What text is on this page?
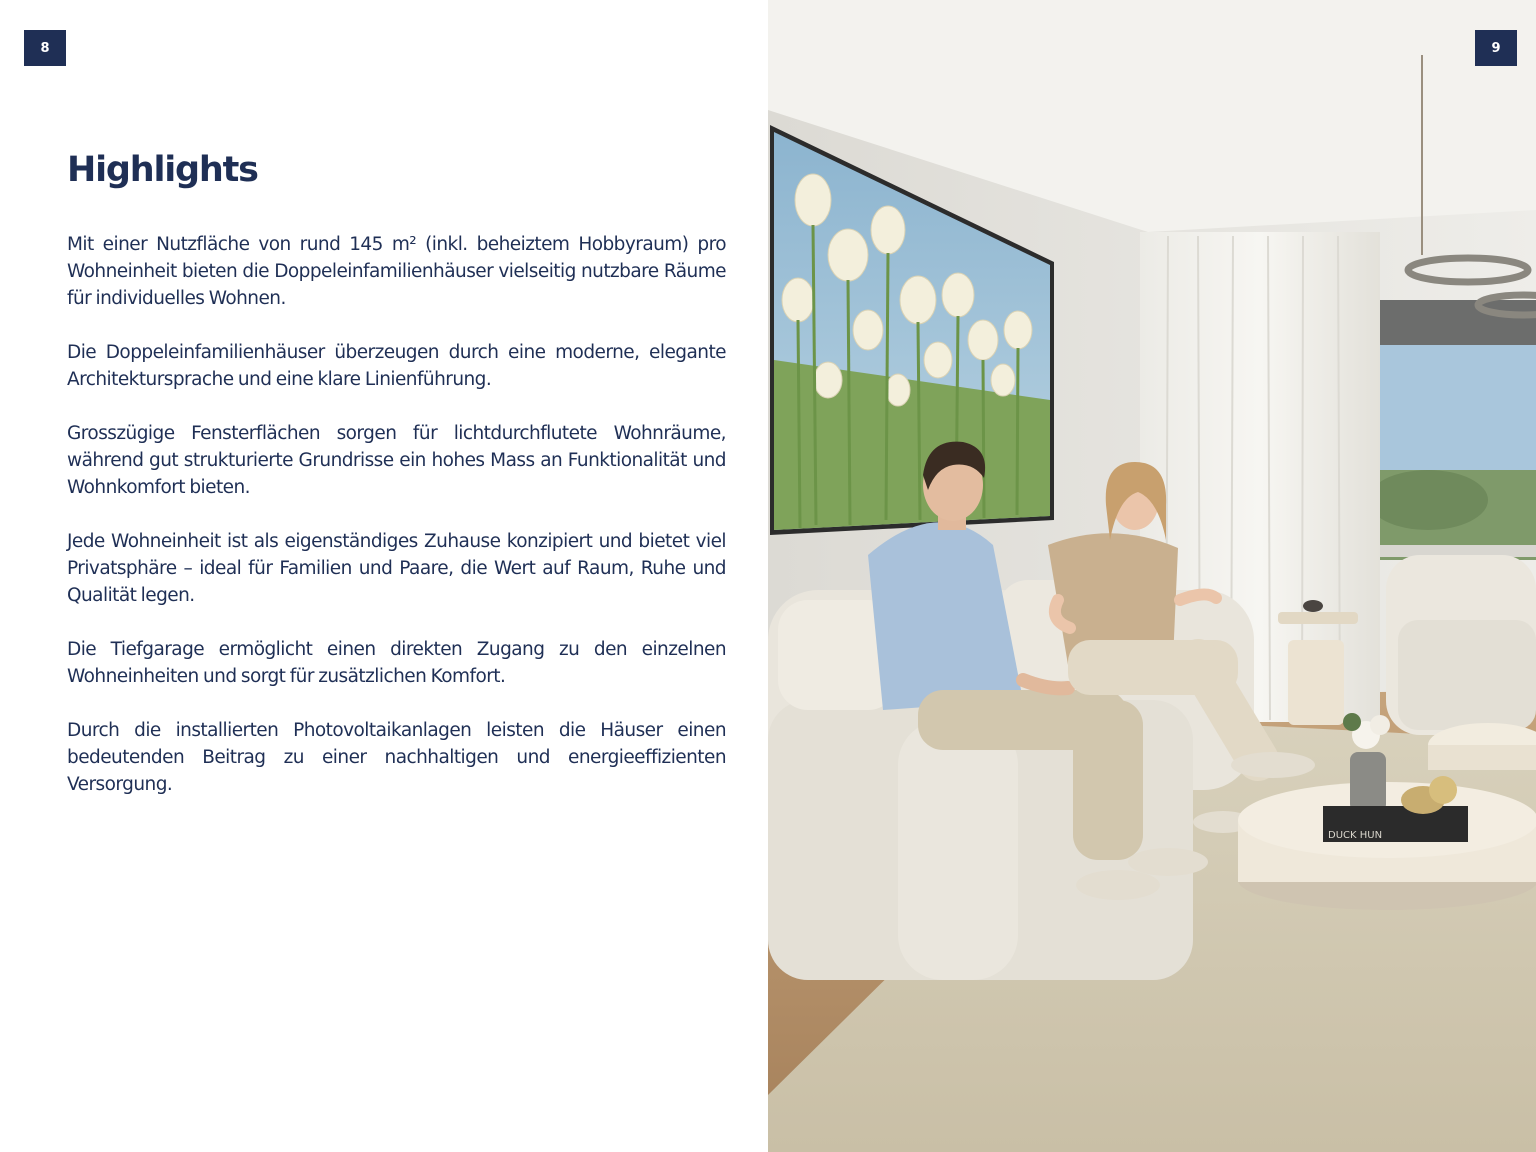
8
Highlights

Mit einer Nutzfläche von rund 145 m² (inkl. beheiztem Hobbyraum) pro Wohneinheit bieten die Doppeleinfamilienhäuser vielseitig nutzbare Räume für individuelles Wohnen.

Die Doppeleinfamilienhäuser überzeugen durch eine moderne, elegante Architektursprache und eine klare Linienführung.

Grosszügige Fensterflächen sorgen für lichtdurchflutete Wohnräume, während gut strukturierte Grundrisse ein hohes Mass an Funktionalität und Wohnkomfort bieten.

Jede Wohneinheit ist als eigenständiges Zuhause konzipiert und bietet viel Privatsphäre – ideal für Familien und Paare, die Wert auf Raum, Ruhe und Qualität legen.

Die Tiefgarage ermöglicht einen direkten Zugang zu den einzelnen Wohneinheiten und sorgt für zusätzlichen Komfort.

Durch die installierten Photovoltaikanlagen leisten die Häuser einen bedeutenden Beitrag zu einer nachhaltigen und energieeffizienten Versorgung.

DUCK HUN
9
